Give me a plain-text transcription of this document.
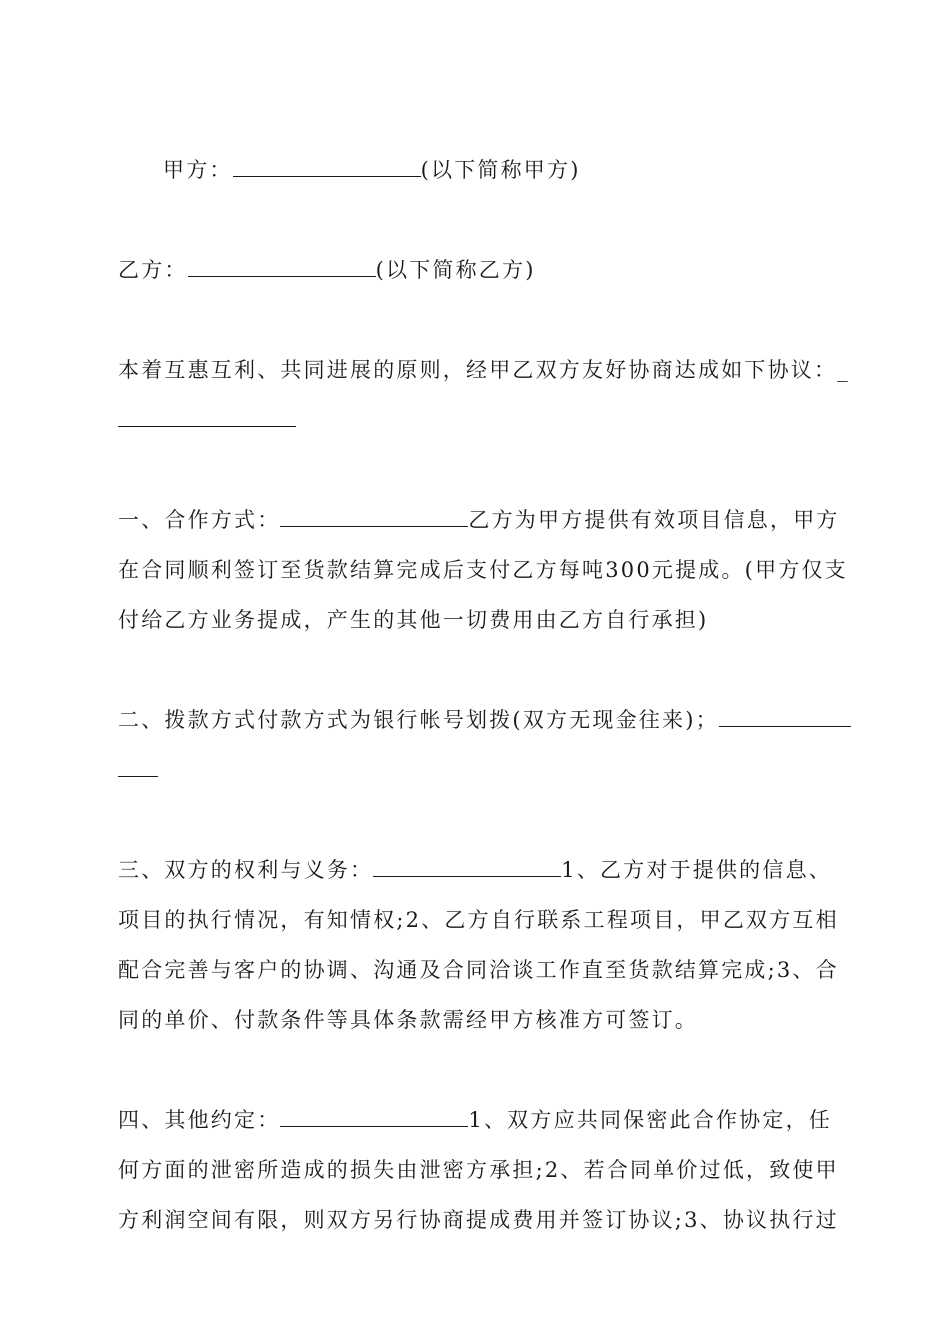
甲方：	(以下简称甲方)
乙方：	(以下简称乙方)
本着互惠互利、共同进展的原则，经甲乙双方友好协商达成如下协议：_
一、合作方式：	乙方为甲方提供有效项目信息，甲方
在合同顺利签订至货款结算完成后支付乙方每吨300元提成。(甲方仅支
付给乙方业务提成，产生的其他一切费用由乙方自行承担)
二、拨款方式付款方式为银行帐号划拨(双方无现金往来)；
三、双方的权利与义务：	1、乙方对于提供的信息、
项目的执行情况，有知情权;2、乙方自行联系工程项目，甲乙双方互相
配合完善与客户的协调、沟通及合同洽谈工作直至货款结算完成;3、合
同的单价、付款条件等具体条款需经甲方核准方可签订。
四、其他约定：	1、双方应共同保密此合作协定，任
何方面的泄密所造成的损失由泄密方承担;2、若合同单价过低，致使甲
方利润空间有限，则双方另行协商提成费用并签订协议;3、协议执行过
